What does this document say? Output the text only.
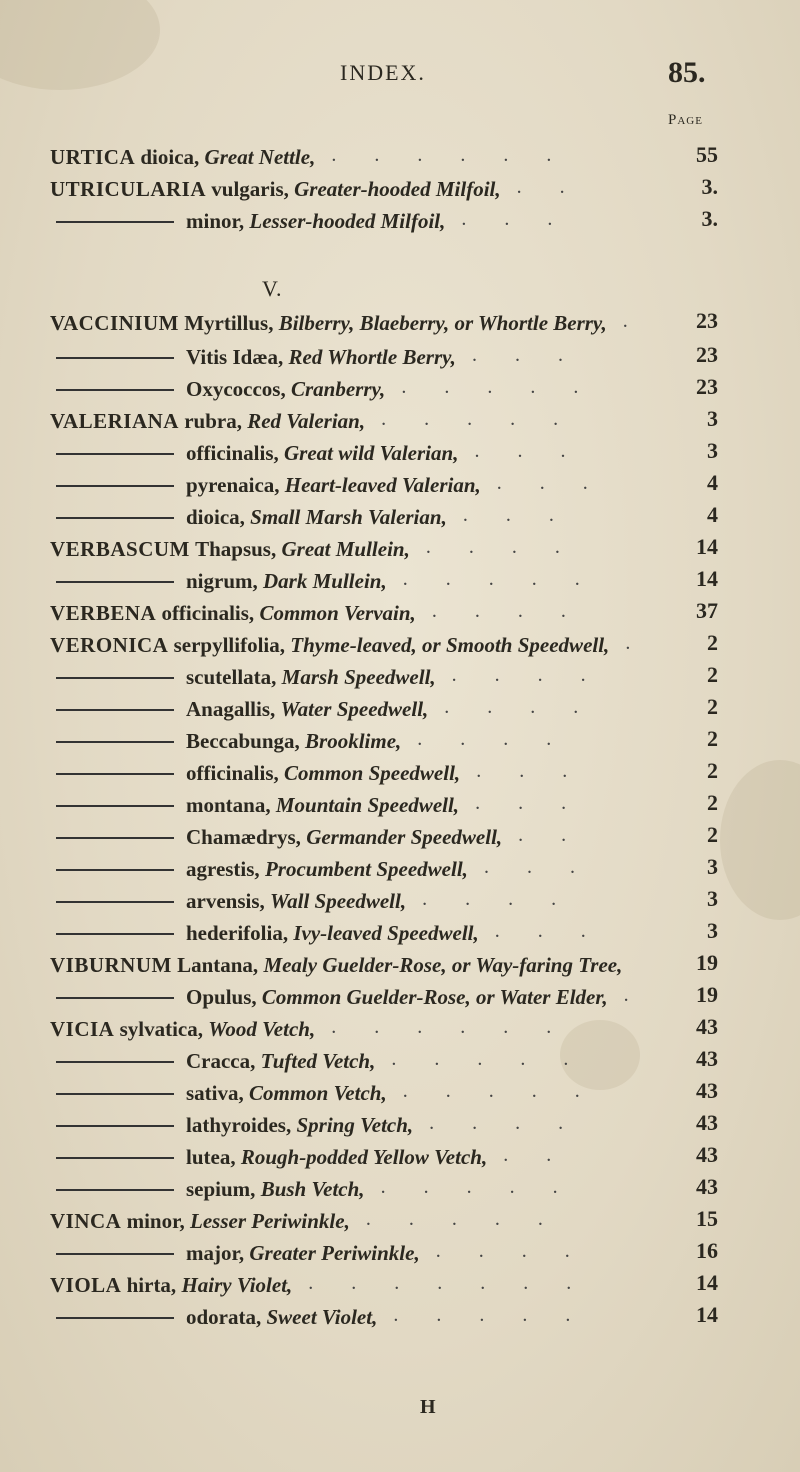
INDEX.	85.
Page
V.
URTICA dioica, Great Nettle,	55
......
UTRICULARIA vulgaris, Greater-hooded Milfoil,	3.
..
minor, Lesser-hooded Milfoil,	3.
...
VACCINIUM Myrtillus, Bilberry, Blaeberry, or Whortle Berry,	23
.
Vitis Idæa, Red Whortle Berry,	23
...
Oxycoccos, Cranberry,	23
.....
VALERIANA rubra, Red Valerian,	3
.....
officinalis, Great wild Valerian,	3
...
pyrenaica, Heart-leaved Valerian,	4
...
dioica, Small Marsh Valerian,	4
...
VERBASCUM Thapsus, Great Mullein,	14
....
nigrum, Dark Mullein,	14
.....
VERBENA officinalis, Common Vervain,	37
....
VERONICA serpyllifolia, Thyme-leaved, or Smooth Speedwell,	2
.
scutellata, Marsh Speedwell,	2
....
Anagallis, Water Speedwell,	2
....
Beccabunga, Brooklime,	2
....
officinalis, Common Speedwell,	2
...
montana, Mountain Speedwell,	2
...
Chamædrys, Germander Speedwell,	2
..
agrestis, Procumbent Speedwell,	3
...
arvensis, Wall Speedwell,	3
....
hederifolia, Ivy-leaved Speedwell,	3
...
VIBURNUM Lantana, Mealy Guelder-Rose, or Way-faring Tree,	19
Opulus, Common Guelder-Rose, or Water Elder,	19
.
VICIA sylvatica, Wood Vetch,	43
......
Cracca, Tufted Vetch,	43
.....
sativa, Common Vetch,	43
.....
lathyroides, Spring Vetch,	43
....
lutea, Rough-podded Yellow Vetch,	43
..
sepium, Bush Vetch,	43
.....
VINCA minor, Lesser Periwinkle,	15
.....
major, Greater Periwinkle,	16
....
VIOLA hirta, Hairy Violet,	14
.......
odorata, Sweet Violet,	14
.....
H
